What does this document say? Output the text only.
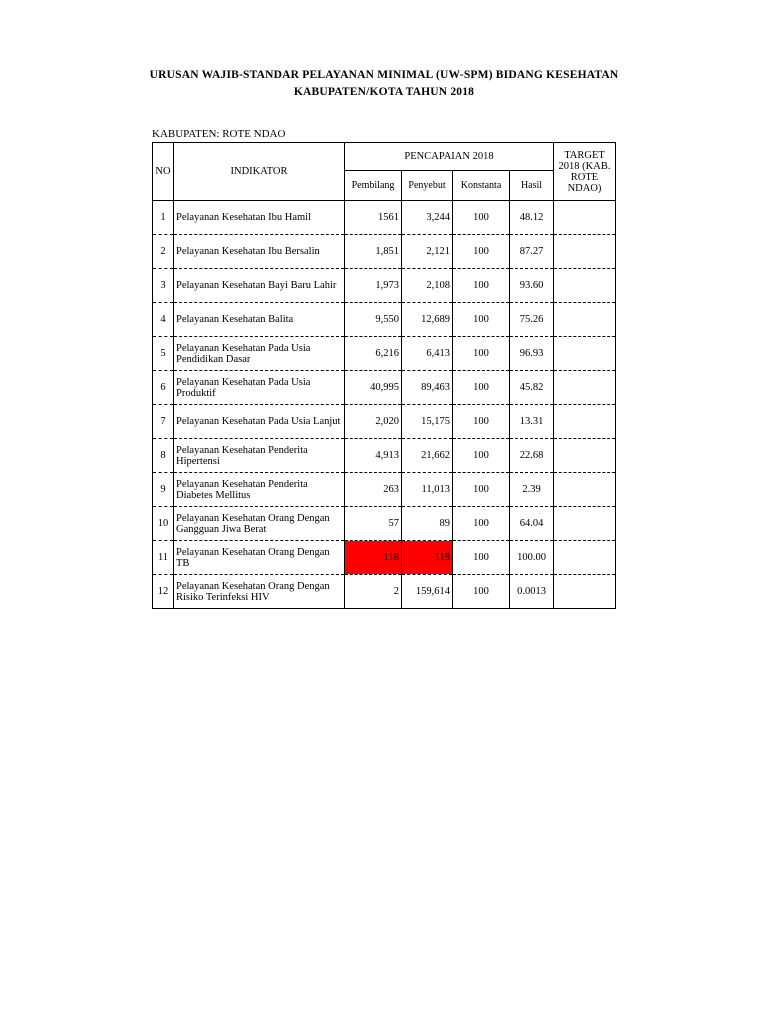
URUSAN WAJIB-STANDAR PELAYANAN MINIMAL (UW-SPM) BIDANG KESEHATAN
KABUPATEN/KOTA TAHUN 2018
KABUPATEN: ROTE NDAO
NO	INDIKATOR	PENCAPAIAN 2018				TARGET 2018 (KAB. ROTE NDAO)
		Pembilang	Penyebut	Konstanta	Hasil	
1	Pelayanan Kesehatan Ibu Hamil	1561	3,244	100	48.12	
2	Pelayanan Kesehatan Ibu Bersalin	1,851	2,121	100	87.27	
3	Pelayanan Kesehatan Bayi Baru Lahir	1,973	2,108	100	93.60	
4	Pelayanan Kesehatan Balita	9,550	12,689	100	75.26	
5	Pelayanan Kesehatan Pada Usia Pendidikan Dasar	6,216	6,413	100	96.93	
6	Pelayanan Kesehatan Pada Usia Produktif	40,995	89,463	100	45.82	
7	Pelayanan Kesehatan Pada Usia Lanjut	2,020	15,175	100	13.31	
8	Pelayanan Kesehatan Penderita Hipertensi	4,913	21,662	100	22.68	
9	Pelayanan Kesehatan Penderita Diabetes Mellitus	263	11,013	100	2.39	
10	Pelayanan Kesehatan Orang Dengan Gangguan Jiwa Berat	57	89	100	64.04	
11	Pelayanan Kesehatan Orang Dengan TB	118	118	100	100.00	
12	Pelayanan Kesehatan Orang Dengan Risiko Terinfeksi HIV	2	159,614	100	0.0013	
